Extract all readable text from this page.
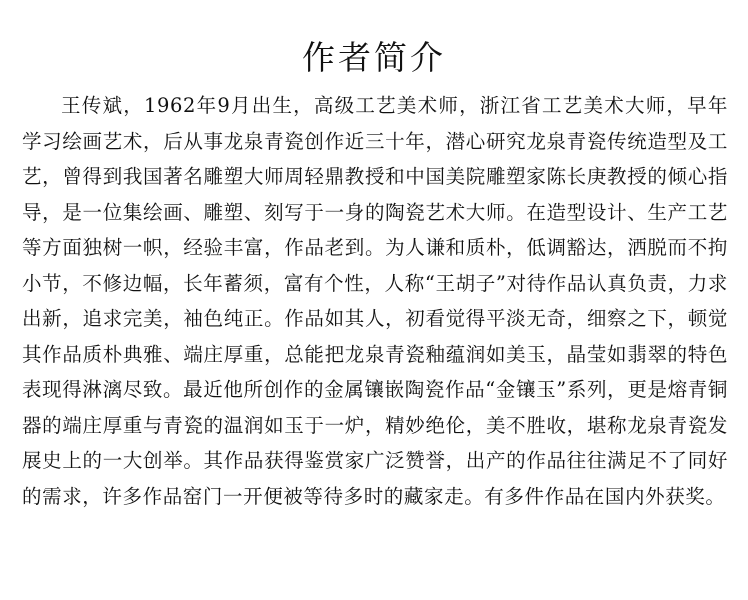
作者简介

王传斌，1962年9月出生，高级工艺美术师，浙江省工艺美术大师，早年学习绘画艺术，后从事龙泉青瓷创作近三十年，潜心研究龙泉青瓷传统造型及工艺，曾得到我国著名雕塑大师周轻鼎教授和中国美院雕塑家陈长庚教授的倾心指导，是一位集绘画、雕塑、刻写于一身的陶瓷艺术大师。在造型设计、生产工艺等方面独树一帜，经验丰富，作品老到。为人谦和质朴，低调豁达，洒脱而不拘小节，不修边幅，长年蓄须，富有个性，人称“王胡子”对待作品认真负责，力求出新，追求完美，袖色纯正。作品如其人，初看觉得平淡无奇，细察之下，顿觉其作品质朴典雅、端庄厚重，总能把龙泉青瓷釉蕴润如美玉，晶莹如翡翠的特色表现得淋漓尽致。最近他所创作的金属镶嵌陶瓷作品“金镶玉”系列，更是熔青铜器的端庄厚重与青瓷的温润如玉于一炉，精妙绝伦，美不胜收，堪称龙泉青瓷发展史上的一大创举。其作品获得鉴赏家广泛赞誉，出产的作品往往满足不了同好的需求，许多作品窑门一开便被等待多时的藏家走。有多件作品在国内外获奖。
